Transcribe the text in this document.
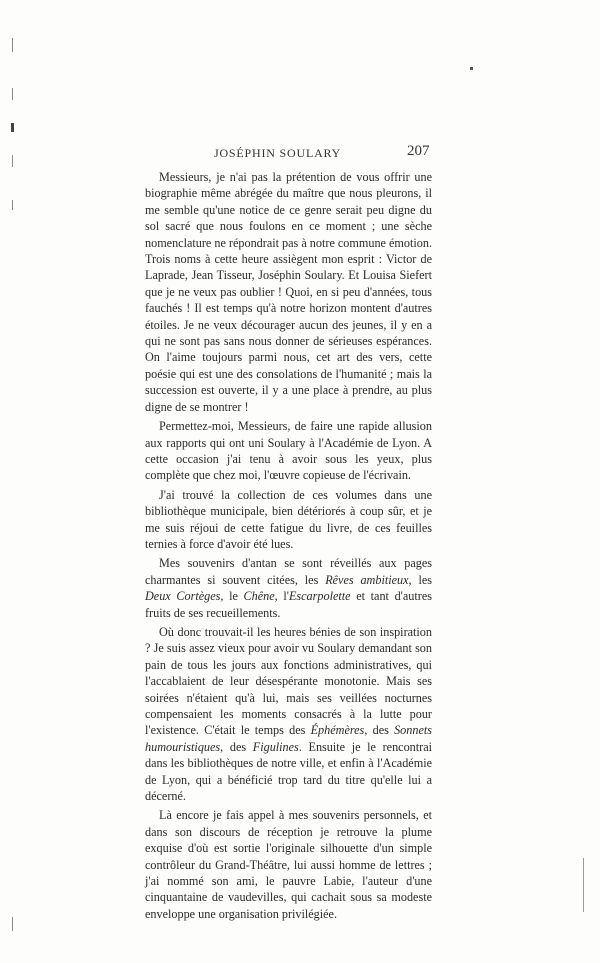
JOSÉPHIN SOULARY	207

Messieurs, je n'ai pas la prétention de vous offrir une biographie même abrégée du maître que nous pleurons, il me semble qu'une notice de ce genre serait peu digne du sol sacré que nous foulons en ce moment ; une sèche nomenclature ne répondrait pas à notre commune émotion. Trois noms à cette heure assiègent mon esprit : Victor de Laprade, Jean Tisseur, Joséphin Soulary. Et Louisa Siefert que je ne veux pas oublier ! Quoi, en si peu d'années, tous fauchés ! Il est temps qu'à notre horizon montent d'autres étoiles. Je ne veux décourager aucun des jeunes, il y en a qui ne sont pas sans nous donner de sérieuses espérances. On l'aime toujours parmi nous, cet art des vers, cette poésie qui est une des consolations de l'humanité ; mais la succession est ouverte, il y a une place à prendre, au plus digne de se montrer !

Permettez-moi, Messieurs, de faire une rapide allusion aux rapports qui ont uni Soulary à l'Académie de Lyon. A cette occasion j'ai tenu à avoir sous les yeux, plus complète que chez moi, l'œuvre copieuse de l'écrivain.

J'ai trouvé la collection de ces volumes dans une bibliothèque municipale, bien détériorés à coup sûr, et je me suis réjoui de cette fatigue du livre, de ces feuilles ternies à force d'avoir été lues.

Mes souvenirs d'antan se sont réveillés aux pages charmantes si souvent citées, les Rêves ambitieux, les Deux Cortèges, le Chêne, l'Escarpolette et tant d'autres fruits de ses recueillements.

Où donc trouvait-il les heures bénies de son inspiration ? Je suis assez vieux pour avoir vu Soulary demandant son pain de tous les jours aux fonctions administratives, qui l'accablaient de leur désespérante monotonie. Mais ses soirées n'étaient qu'à lui, mais ses veillées nocturnes compensaient les moments consacrés à la lutte pour l'existence. C'était le temps des Éphémères, des Sonnets humouristiques, des Figulines. Ensuite je le rencontrai dans les bibliothèques de notre ville, et enfin à l'Académie de Lyon, qui a bénéficié trop tard du titre qu'elle lui a décerné.

Là encore je fais appel à mes souvenirs personnels, et dans son discours de réception je retrouve la plume exquise d'où est sortie l'originale silhouette d'un simple contrôleur du Grand-Théâtre, lui aussi homme de lettres ; j'ai nommé son ami, le pauvre Labie, l'auteur d'une cinquantaine de vaudevilles, qui cachait sous sa modeste enveloppe une organisation privilégiée.
